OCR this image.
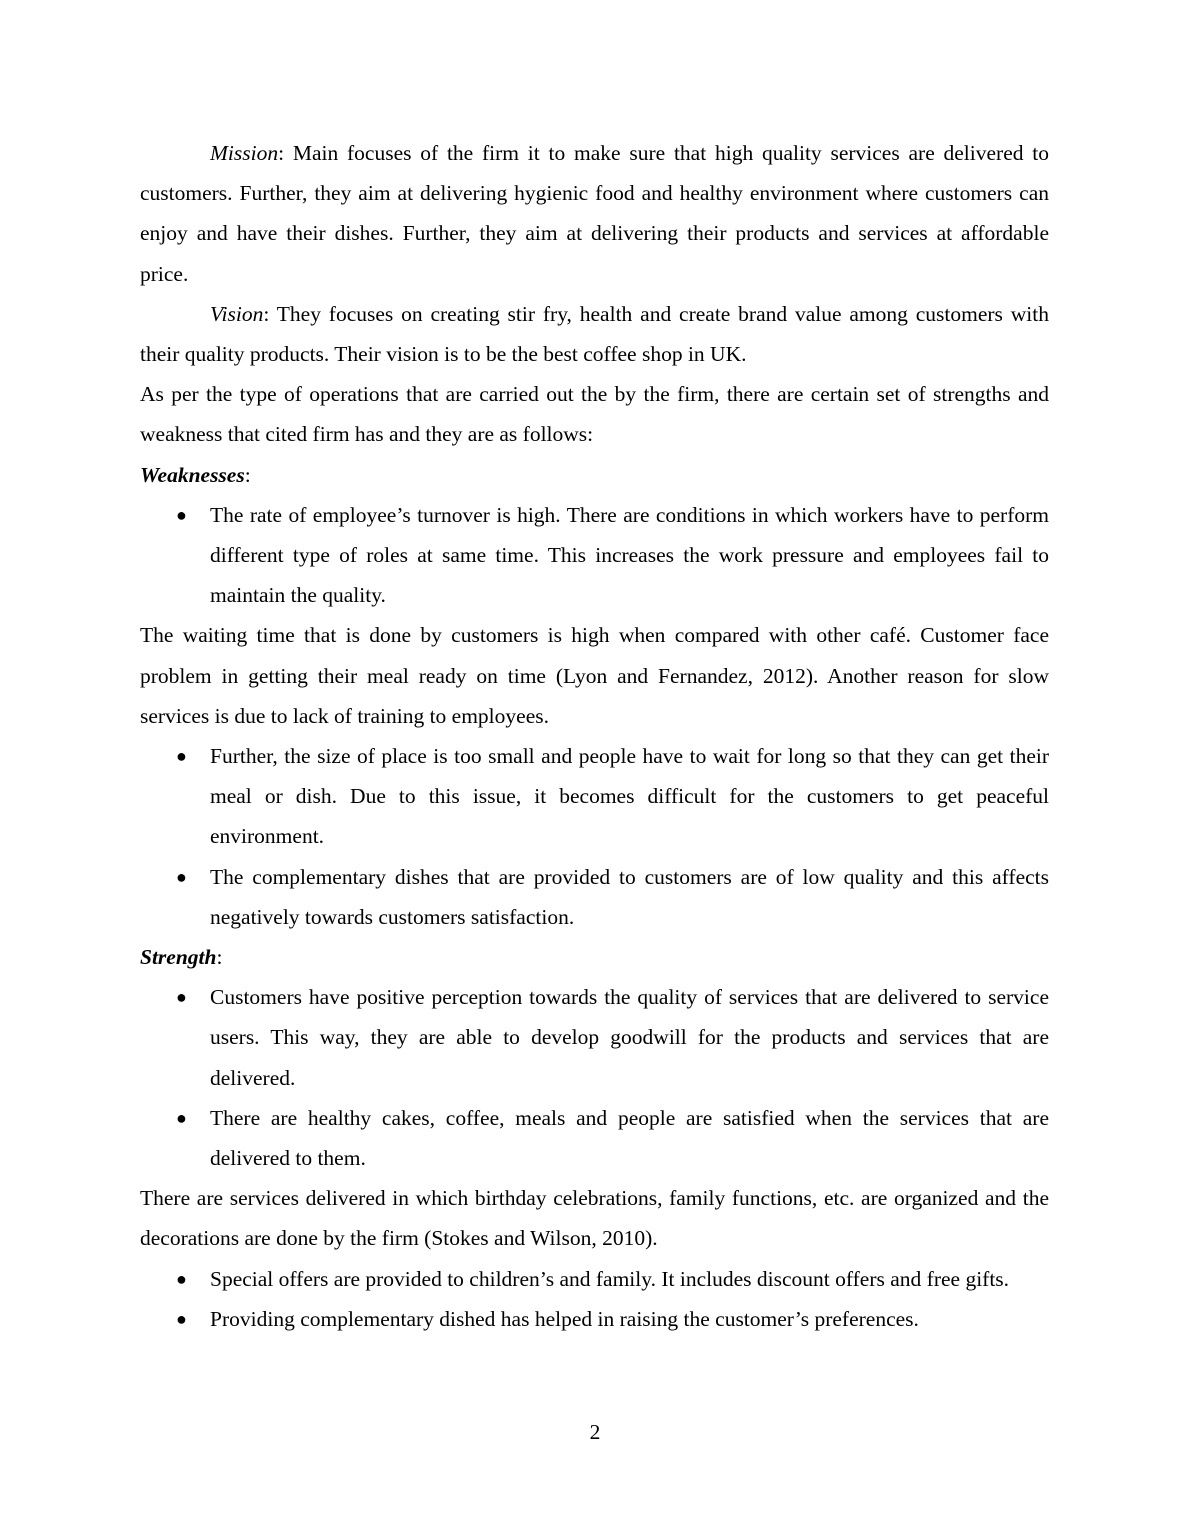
Mission: Main focuses of the firm it to make sure that high quality services are delivered to customers. Further, they aim at delivering hygienic food and healthy environment where customers can enjoy and have their dishes. Further, they aim at delivering their products and services at affordable price.

Vision: They focuses on creating stir fry, health and create brand value among customers with their quality products. Their vision is to be the best coffee shop in UK.

As per the type of operations that are carried out the by the firm, there are certain set of strengths and weakness that cited firm has and they are as follows:

Weaknesses:

● The rate of employee’s turnover is high. There are conditions in which workers have to perform different type of roles at same time. This increases the work pressure and employees fail to maintain the quality.

The waiting time that is done by customers is high when compared with other café. Customer face problem in getting their meal ready on time (Lyon and Fernandez, 2012). Another reason for slow services is due to lack of training to employees.

● Further, the size of place is too small and people have to wait for long so that they can get their meal or dish. Due to this issue, it becomes difficult for the customers to get peaceful environment.
● The complementary dishes that are provided to customers are of low quality and this affects negatively towards customers satisfaction.

Strength:

● Customers have positive perception towards the quality of services that are delivered to service users. This way, they are able to develop goodwill for the products and services that are delivered.
● There are healthy cakes, coffee, meals and people are satisfied when the services that are delivered to them.

There are services delivered in which birthday celebrations, family functions, etc. are organized and the decorations are done by the firm (Stokes and Wilson, 2010).

● Special offers are provided to children’s and family. It includes discount offers and free gifts.
● Providing complementary dished has helped in raising the customer’s preferences.
2
